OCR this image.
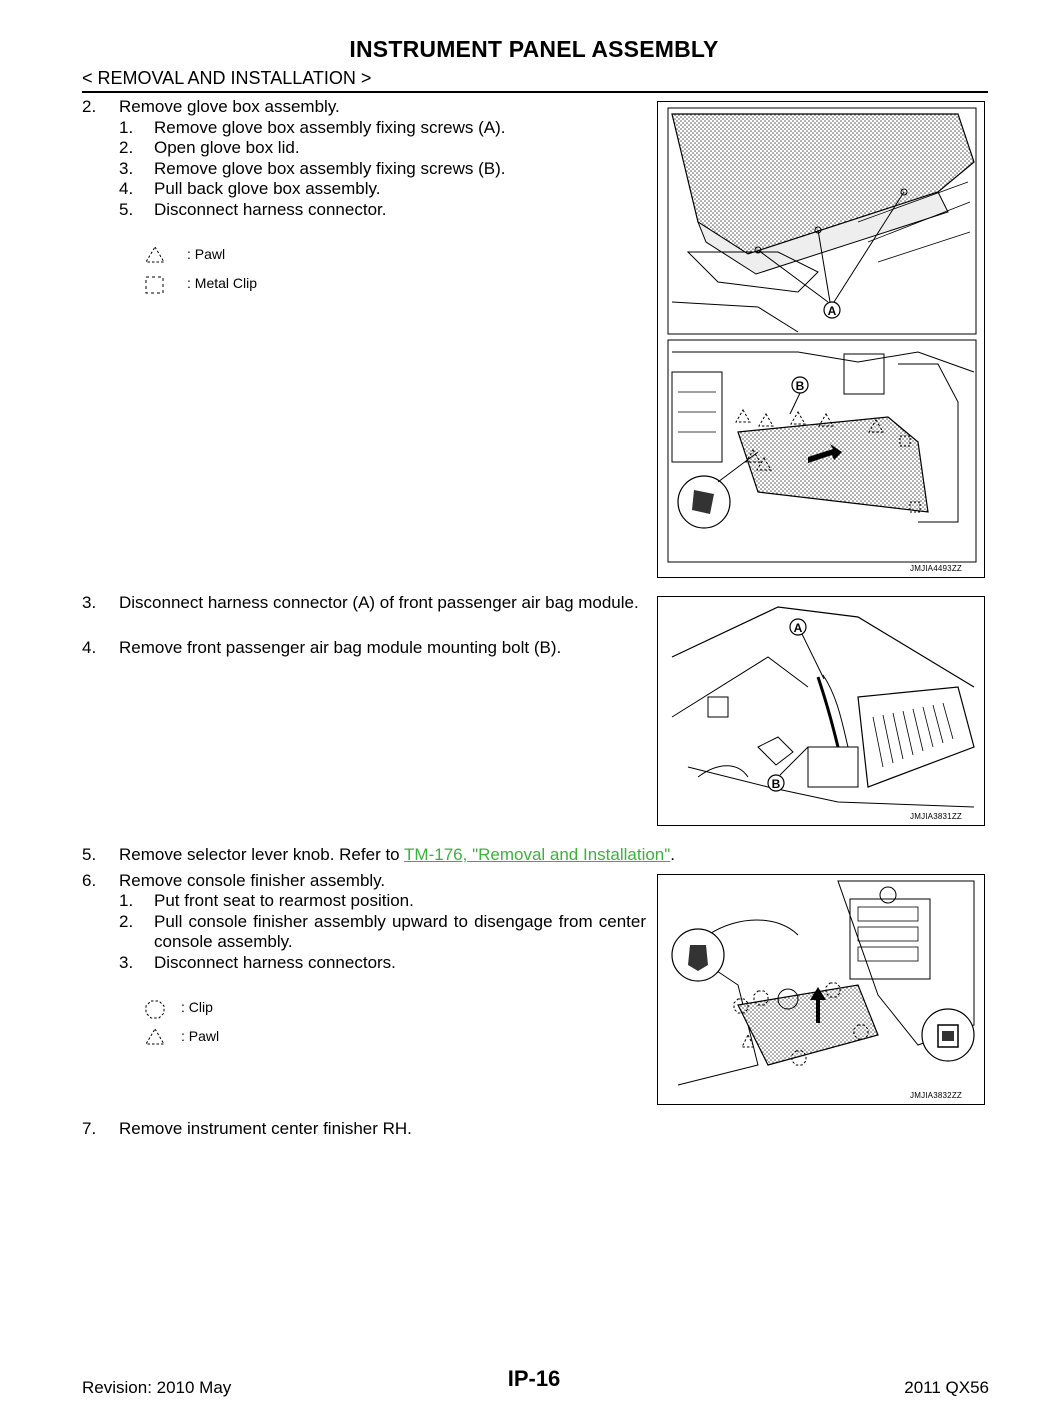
INSTRUMENT PANEL ASSEMBLY
< REMOVAL AND INSTALLATION >
2. Remove glove box assembly.
1. Remove glove box assembly fixing screws (A).
2. Open glove box lid.
3. Remove glove box assembly fixing screws (B).
4. Pull back glove box assembly.
5. Disconnect harness connector.
: Pawl
: Metal Clip
A
B
JMJIA4493ZZ
3. Disconnect harness connector (A) of front passenger air bag module.
4. Remove front passenger air bag module mounting bolt (B).
A
B
JMJIA3831ZZ
5. Remove selector lever knob. Refer to TM-176, "Removal and Installation".
6. Remove console finisher assembly.
1. Put front seat to rearmost position.
2. Pull console finisher assembly upward to disengage from center console assembly.
3. Disconnect harness connectors.
: Clip
: Pawl
JMJIA3832ZZ
7. Remove instrument center finisher RH.
Revision: 2010 May	IP-16	2011 QX56
